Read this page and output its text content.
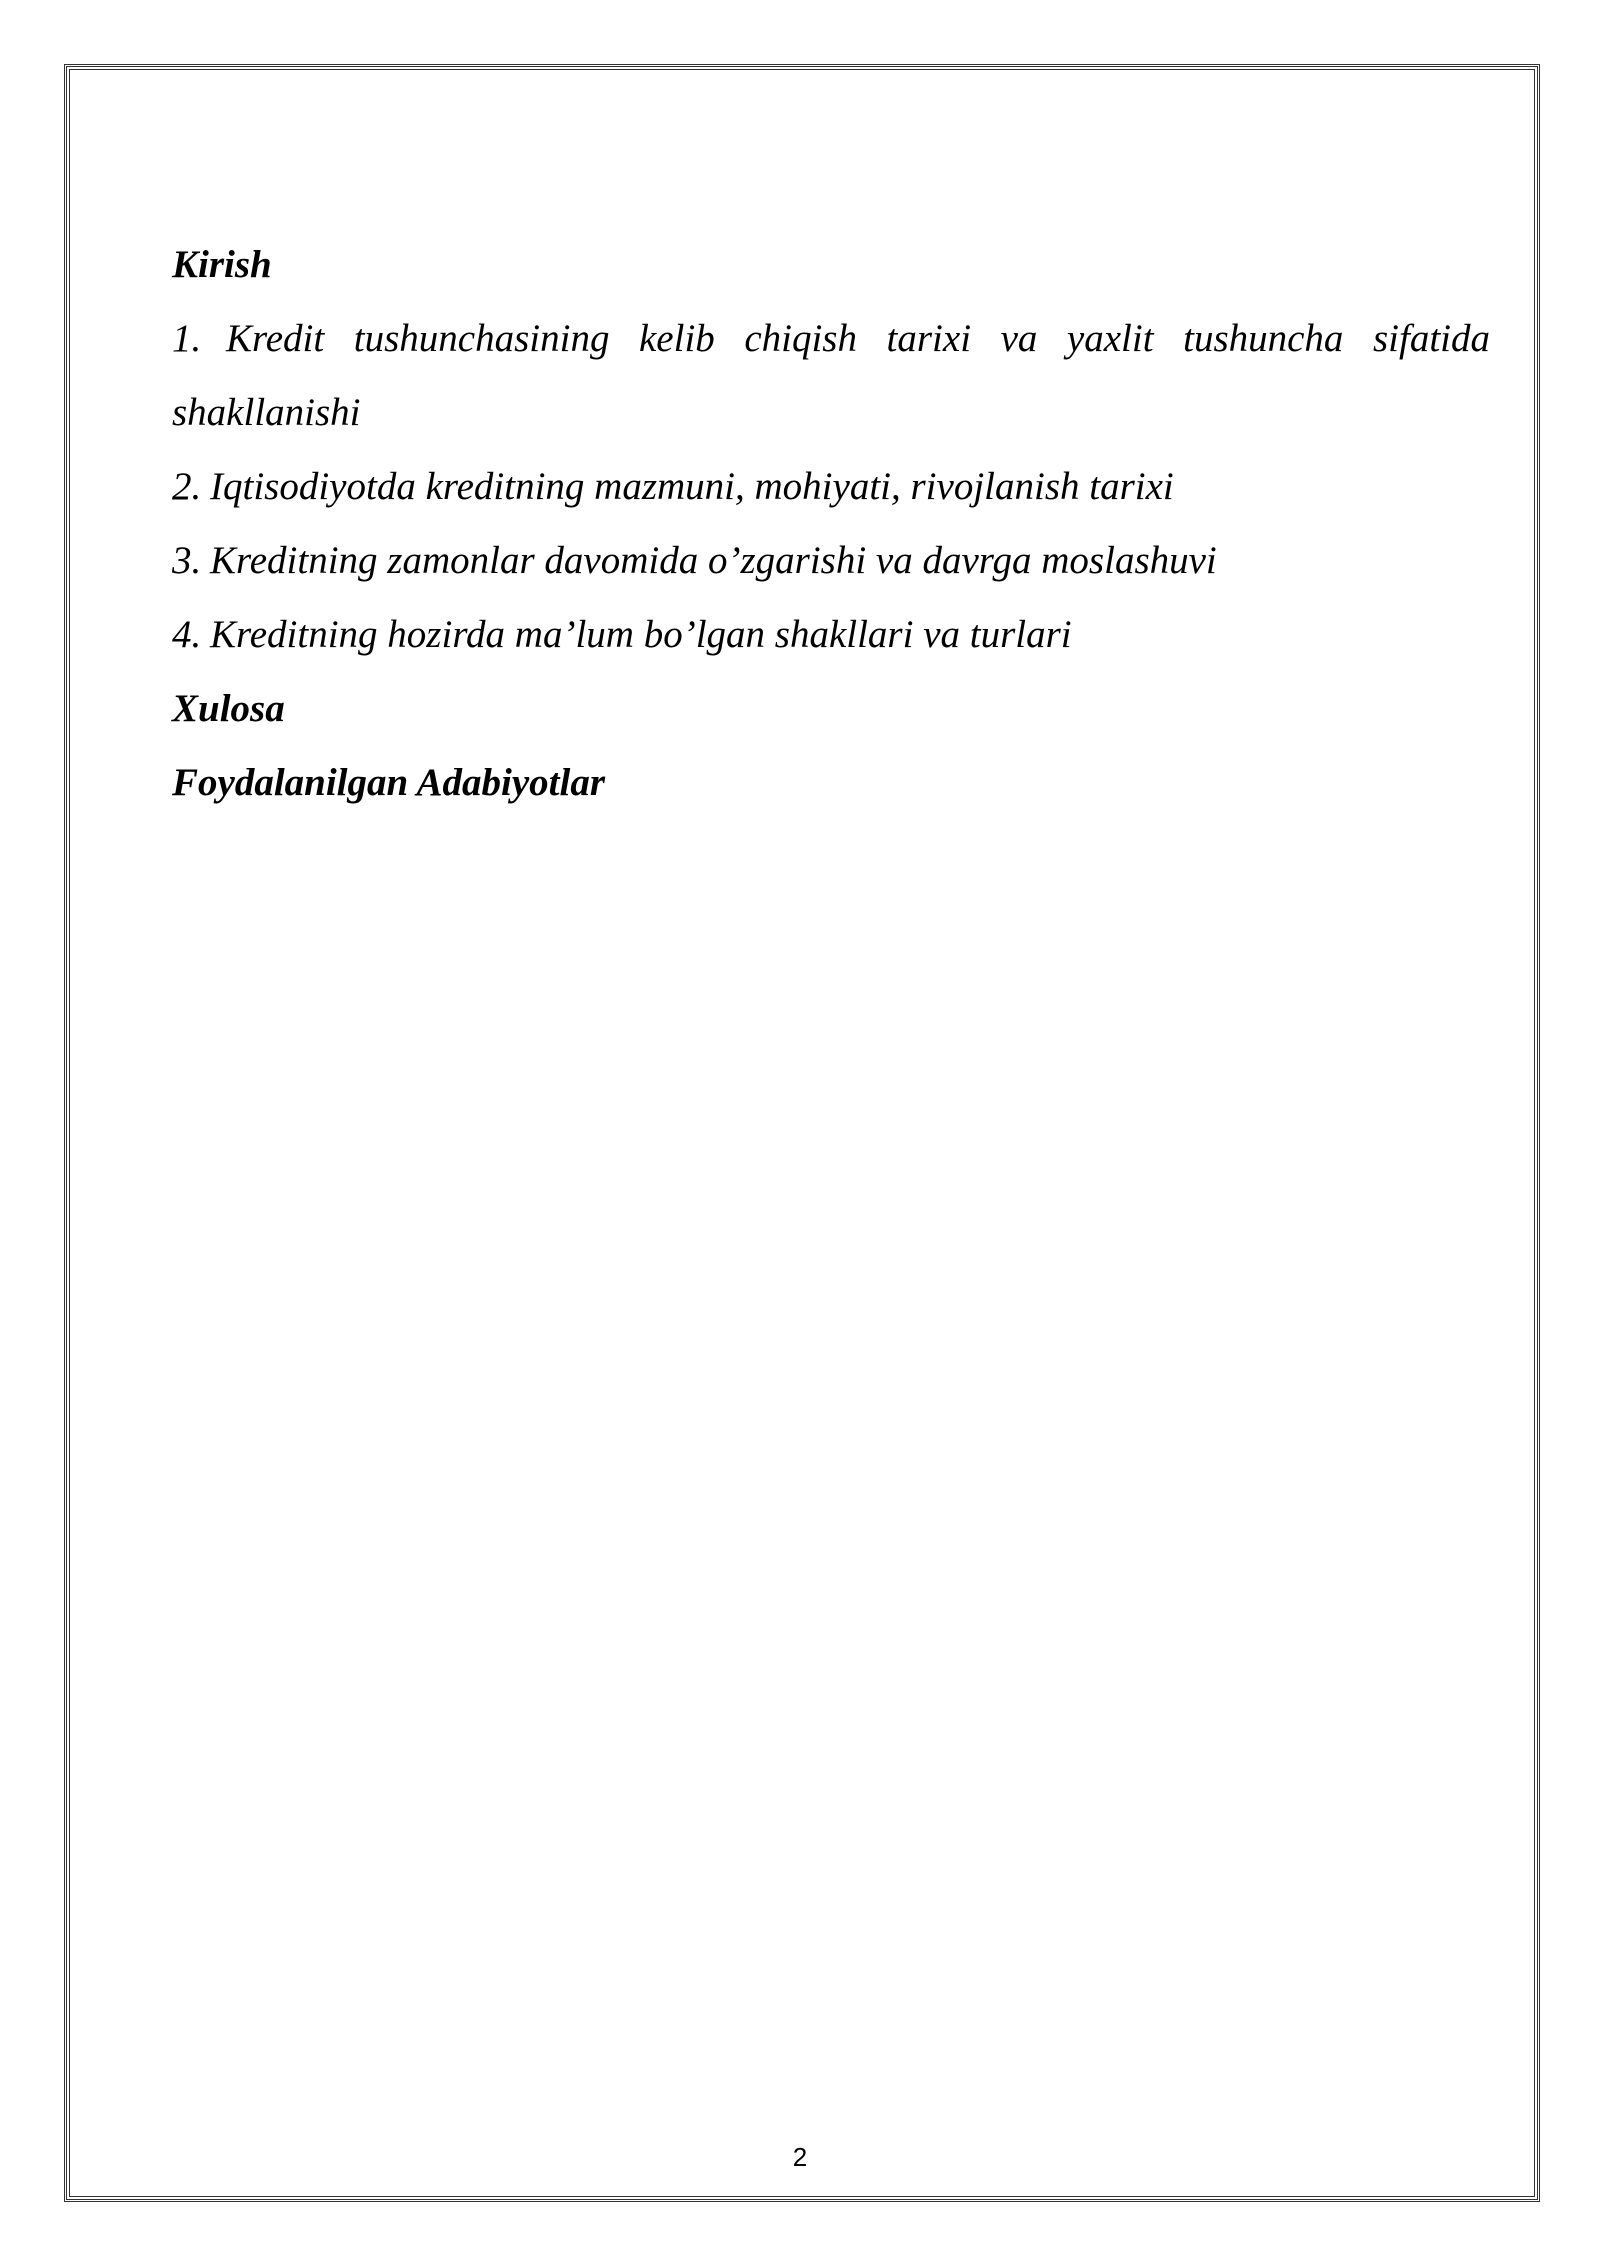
Kirish

1. Kredit tushunchasining kelib chiqish tarixi va yaxlit tushuncha sifatida shakllanishi

2. Iqtisodiyotda kreditning mazmuni, mohiyati, rivojlanish tarixi

3. Kreditning zamonlar davomida o’zgarishi va davrga moslashuvi

4. Kreditning hozirda ma’lum bo’lgan shakllari va turlari

Xulosa

Foydalanilgan Adabiyotlar

2
